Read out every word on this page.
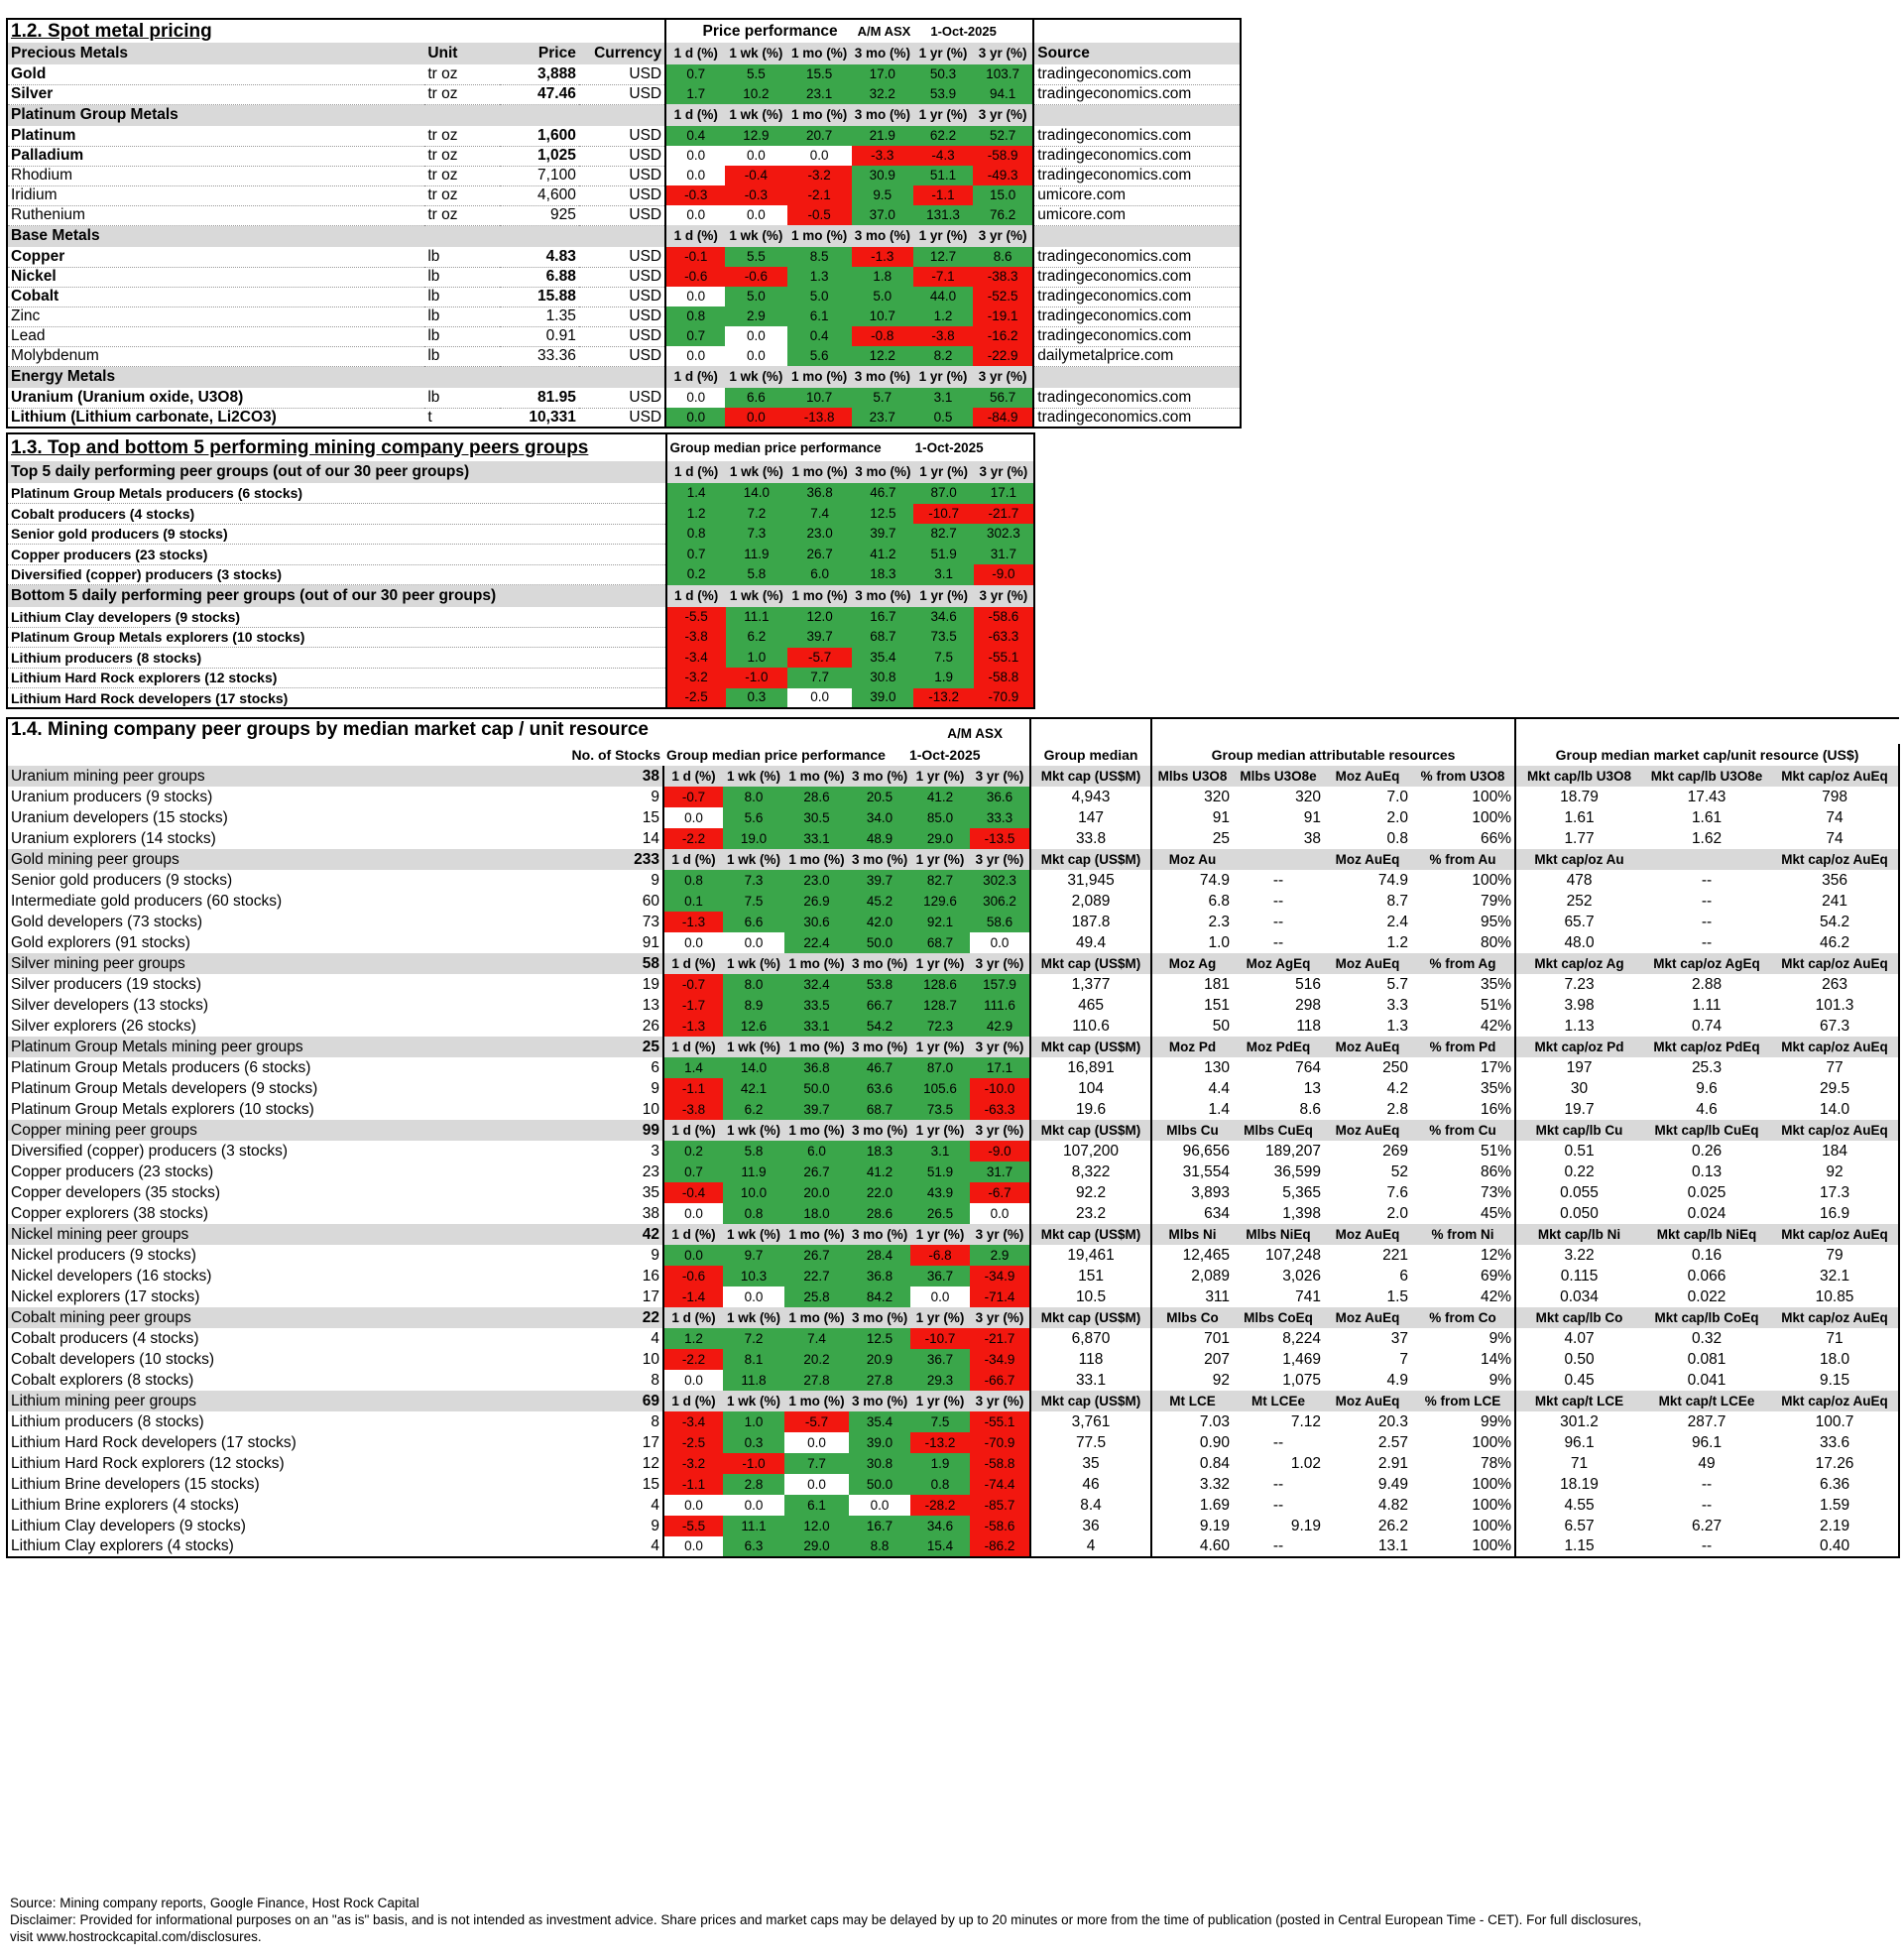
1.2. Spot metal pricing				Price performance A/M ASX 1-Oct-2025						
Precious Metals	Unit	Price	Currency	1 d (%)	1 wk (%)	1 mo (%)	3 mo (%)	1 yr (%)	3 yr (%)	Source
Gold	tr oz	3,888	USD	0.7	5.5	15.5	17.0	50.3	103.7	tradingeconomics.com
Silver	tr oz	47.46	USD	1.7	10.2	23.1	32.2	53.9	94.1	tradingeconomics.com
Platinum Group Metals				1 d (%)	1 wk (%)	1 mo (%)	3 mo (%)	1 yr (%)	3 yr (%)	
Platinum	tr oz	1,600	USD	0.4	12.9	20.7	21.9	62.2	52.7	tradingeconomics.com
Palladium	tr oz	1,025	USD	0.0	0.0	0.0	-3.3	-4.3	-58.9	tradingeconomics.com
Rhodium	tr oz	7,100	USD	0.0	-0.4	-3.2	30.9	51.1	-49.3	tradingeconomics.com
Iridium	tr oz	4,600	USD	-0.3	-0.3	-2.1	9.5	-1.1	15.0	umicore.com
Ruthenium	tr oz	925	USD	0.0	0.0	-0.5	37.0	131.3	76.2	umicore.com
Base Metals				1 d (%)	1 wk (%)	1 mo (%)	3 mo (%)	1 yr (%)	3 yr (%)	
Copper	lb	4.83	USD	-0.1	5.5	8.5	-1.3	12.7	8.6	tradingeconomics.com
Nickel	lb	6.88	USD	-0.6	-0.6	1.3	1.8	-7.1	-38.3	tradingeconomics.com
Cobalt	lb	15.88	USD	0.0	5.0	5.0	5.0	44.0	-52.5	tradingeconomics.com
Zinc	lb	1.35	USD	0.8	2.9	6.1	10.7	1.2	-19.1	tradingeconomics.com
Lead	lb	0.91	USD	0.7	0.0	0.4	-0.8	-3.8	-16.2	tradingeconomics.com
Molybdenum	lb	33.36	USD	0.0	0.0	5.6	12.2	8.2	-22.9	dailymetalprice.com
Energy Metals				1 d (%)	1 wk (%)	1 mo (%)	3 mo (%)	1 yr (%)	3 yr (%)	
Uranium (Uranium oxide, U3O8)	lb	81.95	USD	0.0	6.6	10.7	5.7	3.1	56.7	tradingeconomics.com
Lithium (Lithium carbonate, Li2CO3)	t	10,331	USD	0.0	0.0	-13.8	23.7	0.5	-84.9	tradingeconomics.com
1.3. Top and bottom 5 performing mining company peers groups	Group median price performance 1-Oct-2025					
Top 5 daily performing peer groups (out of our 30 peer groups)	1 d (%)	1 wk (%)	1 mo (%)	3 mo (%)	1 yr (%)	3 yr (%)
Platinum Group Metals producers (6 stocks)	1.4	14.0	36.8	46.7	87.0	17.1
Cobalt producers (4 stocks)	1.2	7.2	7.4	12.5	-10.7	-21.7
Senior gold producers (9 stocks)	0.8	7.3	23.0	39.7	82.7	302.3
Copper producers (23 stocks)	0.7	11.9	26.7	41.2	51.9	31.7
Diversified (copper) producers (3 stocks)	0.2	5.8	6.0	18.3	3.1	-9.0
Bottom 5 daily performing peer groups (out of our 30 peer groups)	1 d (%)	1 wk (%)	1 mo (%)	3 mo (%)	1 yr (%)	3 yr (%)
Lithium Clay developers (9 stocks)	-5.5	11.1	12.0	16.7	34.6	-58.6
Platinum Group Metals explorers (10 stocks)	-3.8	6.2	39.7	68.7	73.5	-63.3
Lithium producers (8 stocks)	-3.4	1.0	-5.7	35.4	7.5	-55.1
Lithium Hard Rock explorers (12 stocks)	-3.2	-1.0	7.7	30.8	1.9	-58.8
Lithium Hard Rock developers (17 stocks)	-2.5	0.3	0.0	39.0	-13.2	-70.9
1.4. Mining company peer groups by median market cap / unit resource A/M ASX															

	No. of Stocks	Group median price performance 1-Oct-2025						Group median	Group median attributable resources				Group median market cap/unit resource (US$)		
Uranium mining peer groups	38	1 d (%)	1 wk (%)	1 mo (%)	3 mo (%)	1 yr (%)	3 yr (%)	Mkt cap (US$M)	Mlbs U3O8	Mlbs U3O8e	Moz AuEq	% from U3O8	Mkt cap/lb U3O8	Mkt cap/lb U3O8e	Mkt cap/oz AuEq
Uranium producers (9 stocks)	9	-0.7	8.0	28.6	20.5	41.2	36.6	4,943	320	320	7.0	100%	18.79	17.43	798
Uranium developers (15 stocks)	15	0.0	5.6	30.5	34.0	85.0	33.3	147	91	91	2.0	100%	1.61	1.61	74
Uranium explorers (14 stocks)	14	-2.2	19.0	33.1	48.9	29.0	-13.5	33.8	25	38	0.8	66%	1.77	1.62	74
Gold mining peer groups	233	1 d (%)	1 wk (%)	1 mo (%)	3 mo (%)	1 yr (%)	3 yr (%)	Mkt cap (US$M)	Moz Au		Moz AuEq	% from Au	Mkt cap/oz Au		Mkt cap/oz AuEq
Senior gold producers (9 stocks)	9	0.8	7.3	23.0	39.7	82.7	302.3	31,945	74.9	--	74.9	100%	478	--	356
Intermediate gold producers (60 stocks)	60	0.1	7.5	26.9	45.2	129.6	306.2	2,089	6.8	--	8.7	79%	252	--	241
Gold developers (73 stocks)	73	-1.3	6.6	30.6	42.0	92.1	58.6	187.8	2.3	--	2.4	95%	65.7	--	54.2
Gold explorers (91 stocks)	91	0.0	0.0	22.4	50.0	68.7	0.0	49.4	1.0	--	1.2	80%	48.0	--	46.2
Silver mining peer groups	58	1 d (%)	1 wk (%)	1 mo (%)	3 mo (%)	1 yr (%)	3 yr (%)	Mkt cap (US$M)	Moz Ag	Moz AgEq	Moz AuEq	% from Ag	Mkt cap/oz Ag	Mkt cap/oz AgEq	Mkt cap/oz AuEq
Silver producers (19 stocks)	19	-0.7	8.0	32.4	53.8	128.6	157.9	1,377	181	516	5.7	35%	7.23	2.88	263
Silver developers (13 stocks)	13	-1.7	8.9	33.5	66.7	128.7	111.6	465	151	298	3.3	51%	3.98	1.11	101.3
Silver explorers (26 stocks)	26	-1.3	12.6	33.1	54.2	72.3	42.9	110.6	50	118	1.3	42%	1.13	0.74	67.3
Platinum Group Metals mining peer groups	25	1 d (%)	1 wk (%)	1 mo (%)	3 mo (%)	1 yr (%)	3 yr (%)	Mkt cap (US$M)	Moz Pd	Moz PdEq	Moz AuEq	% from Pd	Mkt cap/oz Pd	Mkt cap/oz PdEq	Mkt cap/oz AuEq
Platinum Group Metals producers (6 stocks)	6	1.4	14.0	36.8	46.7	87.0	17.1	16,891	130	764	250	17%	197	25.3	77
Platinum Group Metals developers (9 stocks)	9	-1.1	42.1	50.0	63.6	105.6	-10.0	104	4.4	13	4.2	35%	30	9.6	29.5
Platinum Group Metals explorers (10 stocks)	10	-3.8	6.2	39.7	68.7	73.5	-63.3	19.6	1.4	8.6	2.8	16%	19.7	4.6	14.0
Copper mining peer groups	99	1 d (%)	1 wk (%)	1 mo (%)	3 mo (%)	1 yr (%)	3 yr (%)	Mkt cap (US$M)	Mlbs Cu	Mlbs CuEq	Moz AuEq	% from Cu	Mkt cap/lb Cu	Mkt cap/lb CuEq	Mkt cap/oz AuEq
Diversified (copper) producers (3 stocks)	3	0.2	5.8	6.0	18.3	3.1	-9.0	107,200	96,656	189,207	269	51%	0.51	0.26	184
Copper producers (23 stocks)	23	0.7	11.9	26.7	41.2	51.9	31.7	8,322	31,554	36,599	52	86%	0.22	0.13	92
Copper developers (35 stocks)	35	-0.4	10.0	20.0	22.0	43.9	-6.7	92.2	3,893	5,365	7.6	73%	0.055	0.025	17.3
Copper explorers (38 stocks)	38	0.0	0.8	18.0	28.6	26.5	0.0	23.2	634	1,398	2.0	45%	0.050	0.024	16.9
Nickel mining peer groups	42	1 d (%)	1 wk (%)	1 mo (%)	3 mo (%)	1 yr (%)	3 yr (%)	Mkt cap (US$M)	Mlbs Ni	Mlbs NiEq	Moz AuEq	% from Ni	Mkt cap/lb Ni	Mkt cap/lb NiEq	Mkt cap/oz AuEq
Nickel producers (9 stocks)	9	0.0	9.7	26.7	28.4	-6.8	2.9	19,461	12,465	107,248	221	12%	3.22	0.16	79
Nickel developers (16 stocks)	16	-0.6	10.3	22.7	36.8	36.7	-34.9	151	2,089	3,026	6	69%	0.115	0.066	32.1
Nickel explorers (17 stocks)	17	-1.4	0.0	25.8	84.2	0.0	-71.4	10.5	311	741	1.5	42%	0.034	0.022	10.85
Cobalt mining peer groups	22	1 d (%)	1 wk (%)	1 mo (%)	3 mo (%)	1 yr (%)	3 yr (%)	Mkt cap (US$M)	Mlbs Co	Mlbs CoEq	Moz AuEq	% from Co	Mkt cap/lb Co	Mkt cap/lb CoEq	Mkt cap/oz AuEq
Cobalt producers (4 stocks)	4	1.2	7.2	7.4	12.5	-10.7	-21.7	6,870	701	8,224	37	9%	4.07	0.32	71
Cobalt developers (10 stocks)	10	-2.2	8.1	20.2	20.9	36.7	-34.9	118	207	1,469	7	14%	0.50	0.081	18.0
Cobalt explorers (8 stocks)	8	0.0	11.8	27.8	27.8	29.3	-66.7	33.1	92	1,075	4.9	9%	0.45	0.041	9.15
Lithium mining peer groups	69	1 d (%)	1 wk (%)	1 mo (%)	3 mo (%)	1 yr (%)	3 yr (%)	Mkt cap (US$M)	Mt LCE	Mt LCEe	Moz AuEq	% from LCE	Mkt cap/t LCE	Mkt cap/t LCEe	Mkt cap/oz AuEq
Lithium producers (8 stocks)	8	-3.4	1.0	-5.7	35.4	7.5	-55.1	3,761	7.03	7.12	20.3	99%	301.2	287.7	100.7
Lithium Hard Rock developers (17 stocks)	17	-2.5	0.3	0.0	39.0	-13.2	-70.9	77.5	0.90	--	2.57	100%	96.1	96.1	33.6
Lithium Hard Rock explorers (12 stocks)	12	-3.2	-1.0	7.7	30.8	1.9	-58.8	35	0.84	1.02	2.91	78%	71	49	17.26
Lithium Brine developers (15 stocks)	15	-1.1	2.8	0.0	50.0	0.8	-74.4	46	3.32	--	9.49	100%	18.19	--	6.36
Lithium Brine explorers (4 stocks)	4	0.0	0.0	6.1	0.0	-28.2	-85.7	8.4	1.69	--	4.82	100%	4.55	--	1.59
Lithium Clay developers (9 stocks)	9	-5.5	11.1	12.0	16.7	34.6	-58.6	36	9.19	9.19	26.2	100%	6.57	6.27	2.19
Lithium Clay explorers (4 stocks)	4	0.0	6.3	29.0	8.8	15.4	-86.2	4	4.60	--	13.1	100%	1.15	--	0.40
Source: Mining company reports, Google Finance, Host Rock Capital
Disclaimer: Provided for informational purposes on an "as is" basis, and is not intended as investment advice. Share prices and market caps may be delayed by up to 20 minutes or more from the time of publication (posted in Central European Time - CET). For full disclosures,
visit www.hostrockcapital.com/disclosures.
